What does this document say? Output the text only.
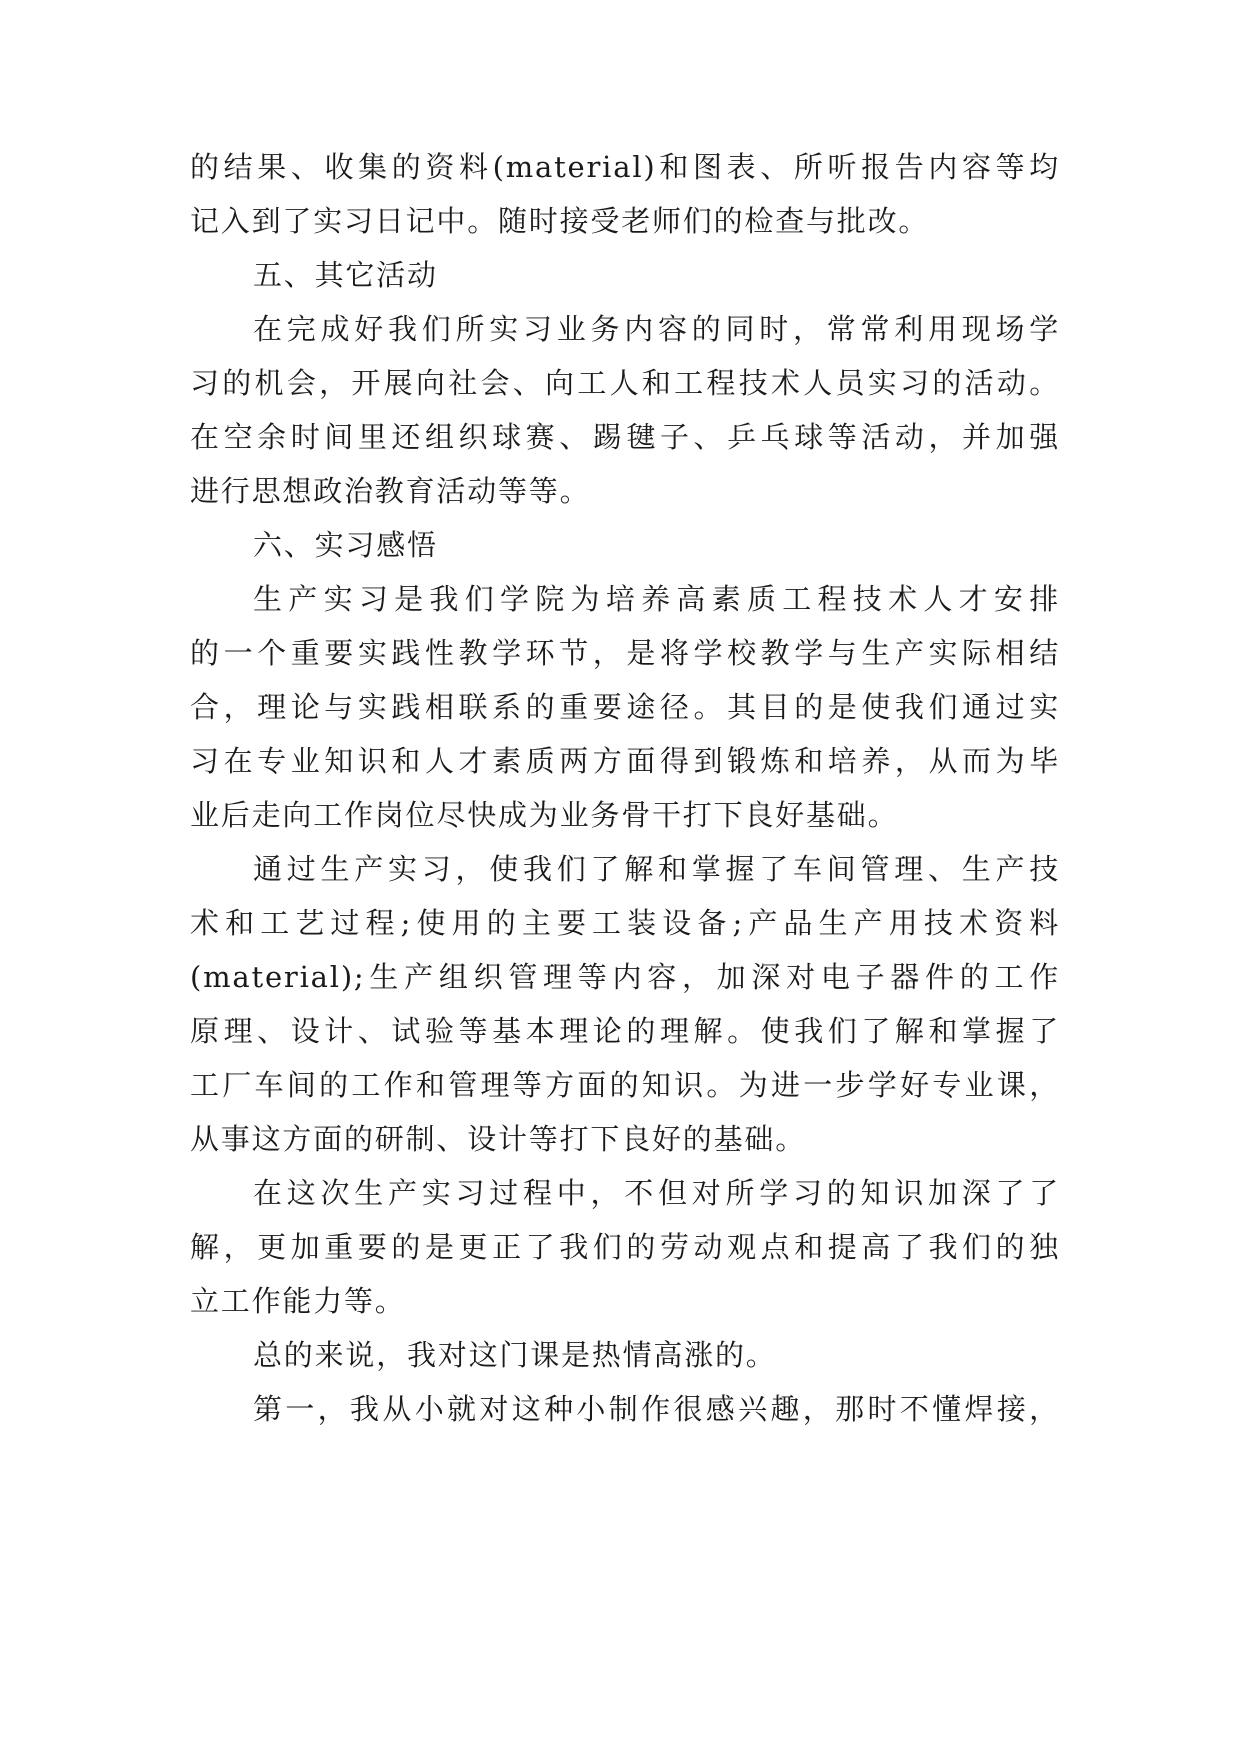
的结果、收集的资料(material)和图表、所听报告内容等均

记入到了实习日记中。随时接受老师们的检查与批改。

五、其它活动

在完成好我们所实习业务内容的同时，常常利用现场学

习的机会，开展向社会、向工人和工程技术人员实习的活动。

在空余时间里还组织球赛、踢毽子、乒乓球等活动，并加强

进行思想政治教育活动等等。

六、实习感悟

生产实习是我们学院为培养高素质工程技术人才安排

的一个重要实践性教学环节，是将学校教学与生产实际相结

合，理论与实践相联系的重要途径。其目的是使我们通过实

习在专业知识和人才素质两方面得到锻炼和培养，从而为毕

业后走向工作岗位尽快成为业务骨干打下良好基础。

通过生产实习，使我们了解和掌握了车间管理、生产技

术和工艺过程;使用的主要工装设备;产品生产用技术资料

(material);生产组织管理等内容，加深对电子器件的工作

原理、设计、试验等基本理论的理解。使我们了解和掌握了

工厂车间的工作和管理等方面的知识。为进一步学好专业课，

从事这方面的研制、设计等打下良好的基础。

在这次生产实习过程中，不但对所学习的知识加深了了

解，更加重要的是更正了我们的劳动观点和提高了我们的独

立工作能力等。

总的来说，我对这门课是热情高涨的。

第一，我从小就对这种小制作很感兴趣，那时不懂焊接，
